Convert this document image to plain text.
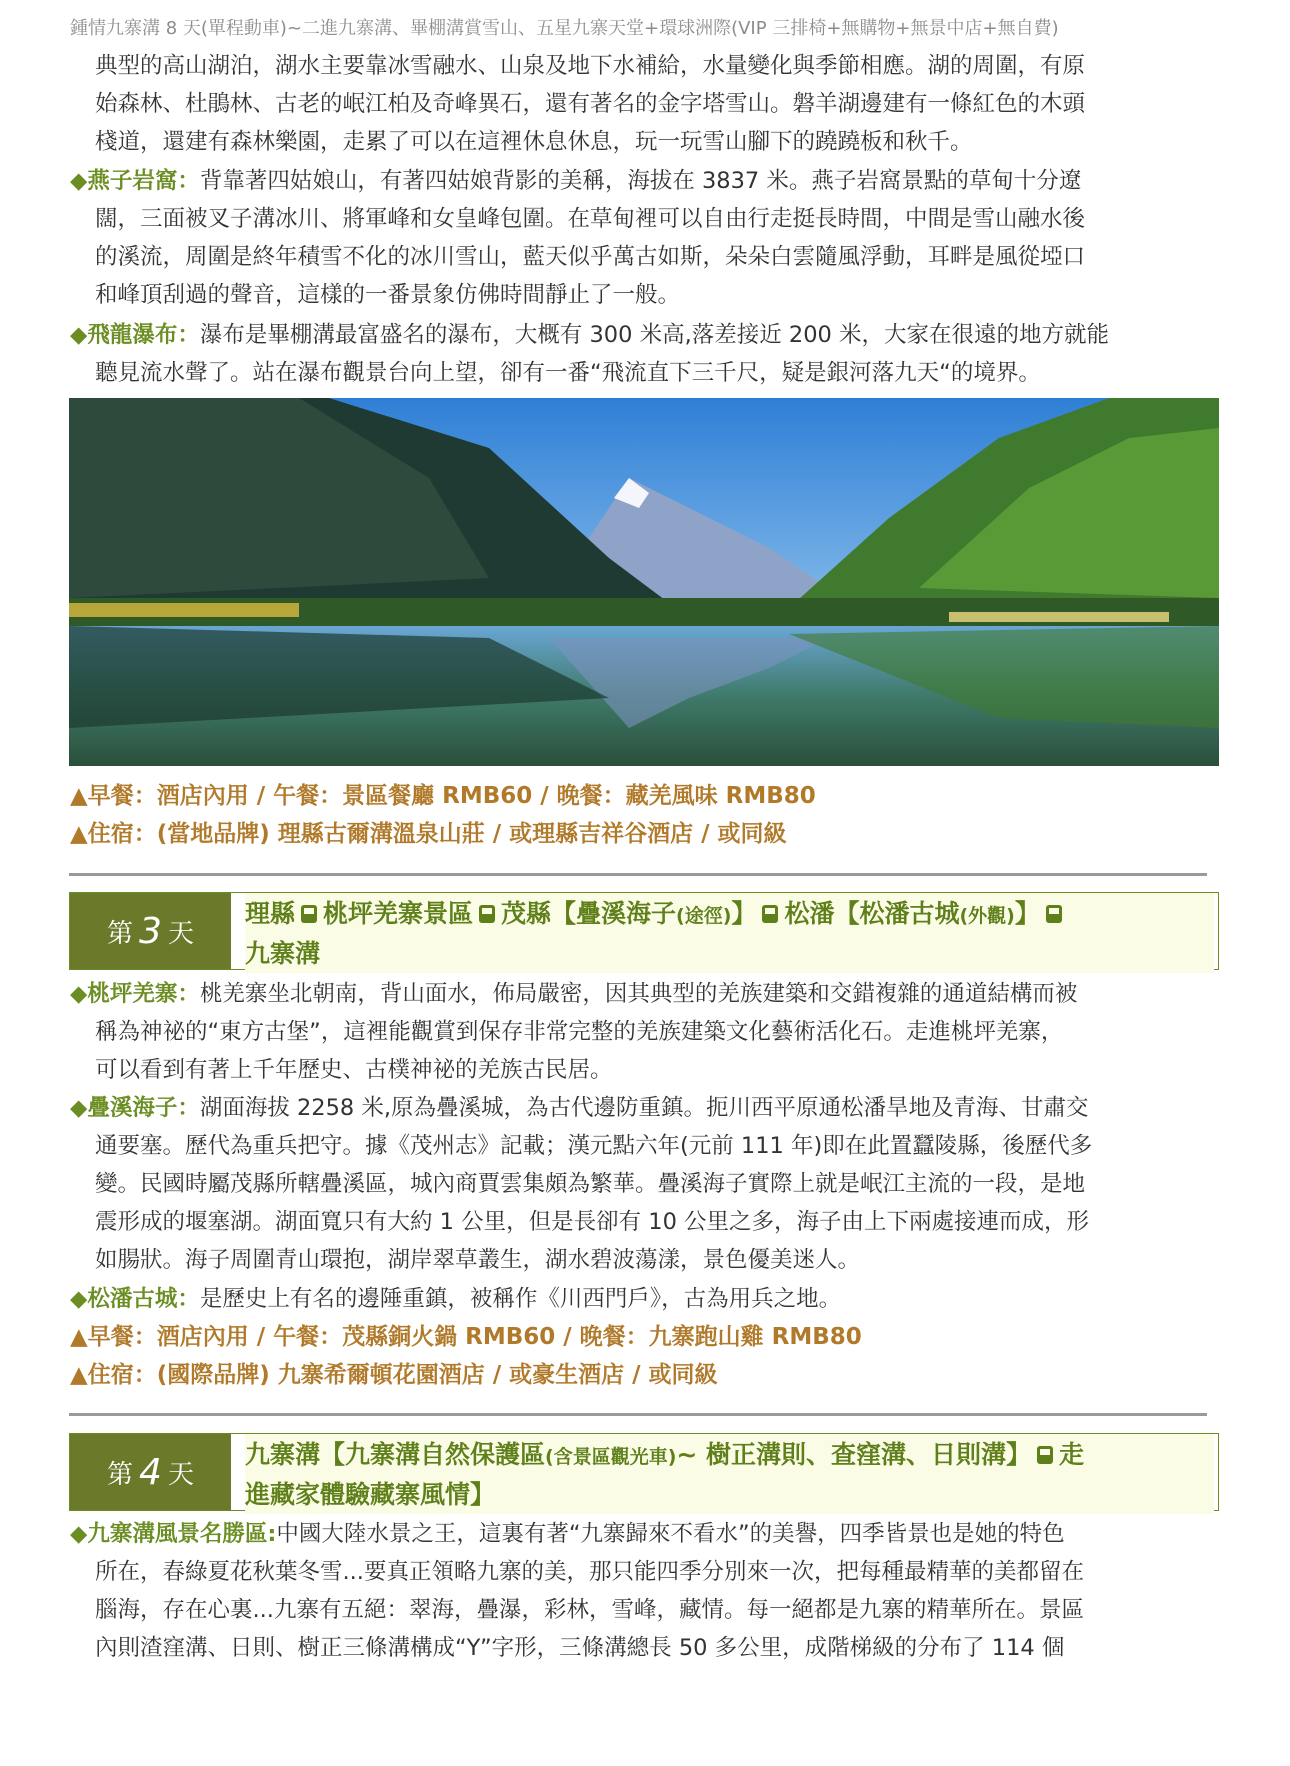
鍾情九寨溝 8 天(單程動車)~二進九寨溝、畢棚溝賞雪山、五星九寨天堂+環球洲際(VIP 三排椅+無購物+無景中店+無自費)
典型的高山湖泊，湖水主要靠冰雪融水、山泉及地下水補給，水量變化與季節相應。湖的周圍，有原
始森林、杜鵑林、古老的岷江柏及奇峰異石，還有著名的金字塔雪山。磐羊湖邊建有一條紅色的木頭
棧道，還建有森林樂園，走累了可以在這裡休息休息，玩一玩雪山腳下的蹺蹺板和秋千。
◆燕子岩窩：背靠著四姑娘山，有著四姑娘背影的美稱，海拔在 3837 米。燕子岩窩景點的草甸十分遼
闊，三面被叉子溝冰川、將軍峰和女皇峰包圍。在草甸裡可以自由行走挺長時間，中間是雪山融水後
的溪流，周圍是終年積雪不化的冰川雪山，藍天似乎萬古如斯，朵朵白雲隨風浮動，耳畔是風從埡口
和峰頂刮過的聲音，這樣的一番景象仿佛時間靜止了一般。
◆飛龍瀑布：瀑布是畢棚溝最富盛名的瀑布，大概有 300 米高,落差接近 200 米，大家在很遠的地方就能
聽見流水聲了。站在瀑布觀景台向上望，卻有一番“飛流直下三千尺，疑是銀河落九天“的境界。
▲早餐：酒店內用 / 午餐：景區餐廳 RMB60 / 晚餐：藏羌風味 RMB80
▲住宿：(當地品牌) 理縣古爾溝溫泉山莊 / 或理縣吉祥谷酒店 / 或同級
第 3 天
理縣 桃坪羌寨景區 茂縣【疊溪海子(途徑)】 松潘【松潘古城(外觀)】
九寨溝
◆桃坪羌寨：桃羌寨坐北朝南，背山面水，佈局嚴密，因其典型的羌族建築和交錯複雜的通道結構而被
稱為神祕的“東方古堡”，這裡能觀賞到保存非常完整的羌族建築文化藝術活化石。走進桃坪羌寨，
可以看到有著上千年歷史、古樸神祕的羌族古民居。
◆疊溪海子：湖面海拔 2258 米,原為疊溪城，為古代邊防重鎮。扼川西平原通松潘旱地及青海、甘肅交
通要塞。歷代為重兵把守。據《茂州志》記載；漢元點六年(元前 111 年)即在此置蠶陵縣，後歷代多
變。民國時屬茂縣所轄疊溪區，城內商賈雲集頗為繁華。疊溪海子實際上就是岷江主流的一段，是地
震形成的堰塞湖。湖面寬只有大約 1 公里，但是長卻有 10 公里之多，海子由上下兩處接連而成，形
如腸狀。海子周圍青山環抱，湖岸翠草叢生，湖水碧波蕩漾，景色優美迷人。
◆松潘古城：是歷史上有名的邊陲重鎮，被稱作《川西門戶》，古為用兵之地。
▲早餐：酒店內用 / 午餐：茂縣銅火鍋 RMB60 / 晚餐：九寨跑山雞 RMB80
▲住宿：(國際品牌) 九寨希爾頓花園酒店 / 或豪生酒店 / 或同級
第 4 天
九寨溝【九寨溝自然保護區(含景區觀光車)~ 樹正溝則、查窪溝、日則溝】 走
進藏家體驗藏寨風情】
◆九寨溝風景名勝區:中國大陸水景之王，這裏有著“九寨歸來不看水”的美譽，四季皆景也是她的特色
所在，春綠夏花秋葉冬雪...要真正領略九寨的美，那只能四季分別來一次，把每種最精華的美都留在
腦海，存在心裏...九寨有五絕：翠海，疊瀑，彩林，雪峰，藏情。每一絕都是九寨的精華所在。景區
內則渣窪溝、日則、樹正三條溝構成“Y”字形，三條溝總長 50 多公里，成階梯級的分布了 114 個
